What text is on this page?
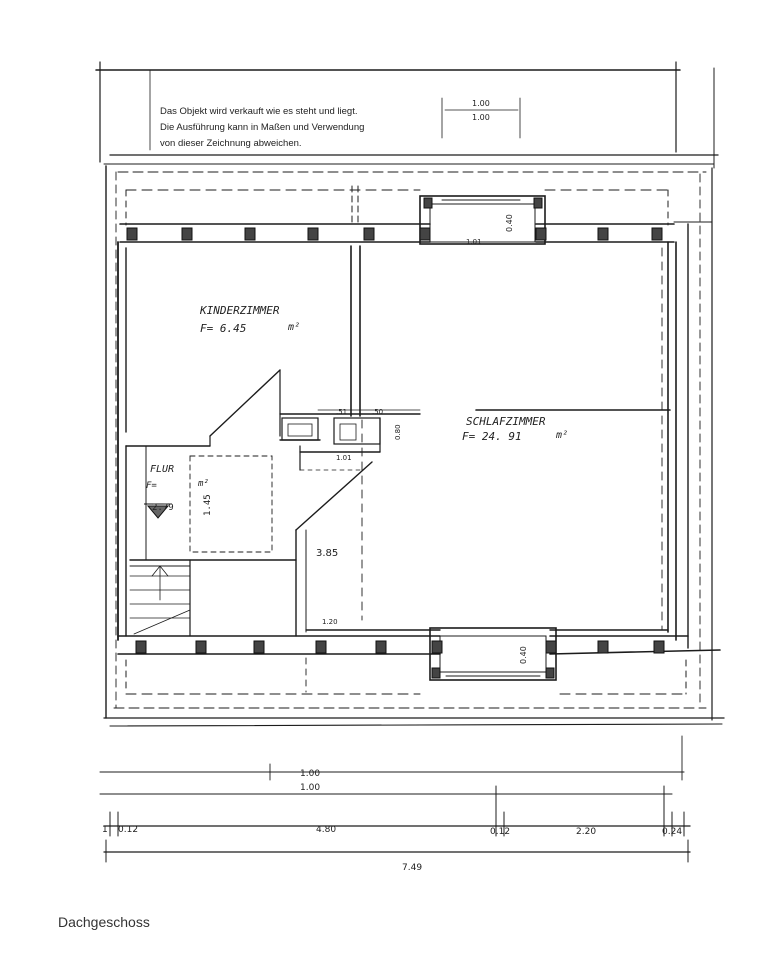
KINDERZIMMER
F= 6.45	m²
SCHLAFZIMMER
F= 24. 91	m²
FLUR
F=	m²
2.79	1.45
1.00
1.00
0.40
0.40
1.01
1.01
3.85
1.20
.51	.50
0.80
1.00
1.00
1 0.12	4.80	0.12	2.20	0.24
7.49
Das Objekt wird verkauft wie es steht und liegt.
Die Ausführung kann in Maßen und Verwendung
von dieser Zeichnung abweichen.
Dachgeschoss
